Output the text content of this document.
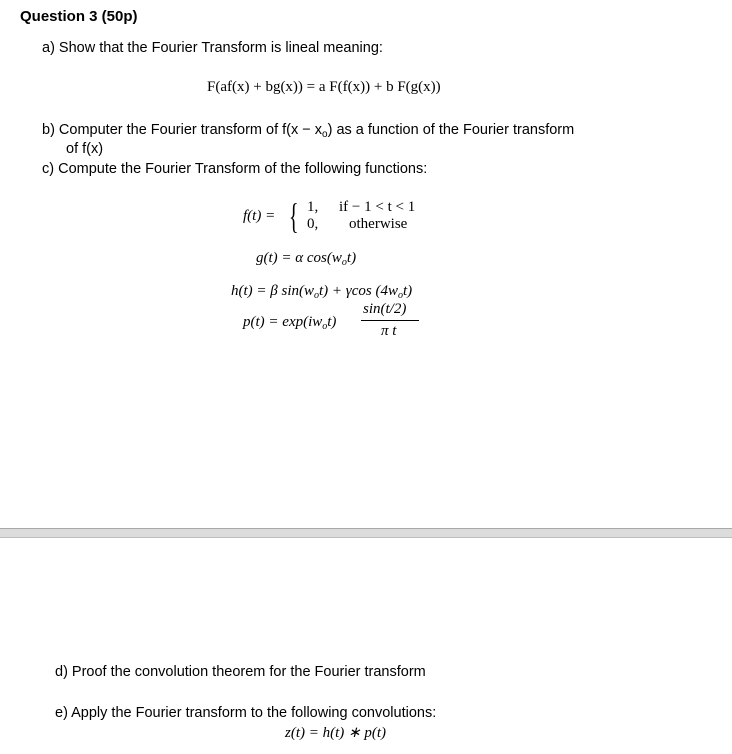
Question 3 (50p)
a) Show that the Fourier Transform is lineal meaning:
F(af(x) + bg(x)) = a F(f(x)) + b F(g(x))
b) Computer the Fourier transform of $f(x - x_o)$ as a function of the Fourier transform
of f(x)
c) Compute the Fourier Transform of the following functions:
f(t) = { 1, if − 1 < t < 1
0, otherwise
g(t) = α $\cos(w_ot)$
h(t) = β $\sin(w_ot) + \gamma\cos$ $(4w_ot)$
$p(t) = \exp(iw_ot)$
sin(t/2)
π t
d) Proof the convolution theorem for the Fourier transform
e) Apply the Fourier transform to the following convolutions:
z(t) = h(t) ∗ p(t)
